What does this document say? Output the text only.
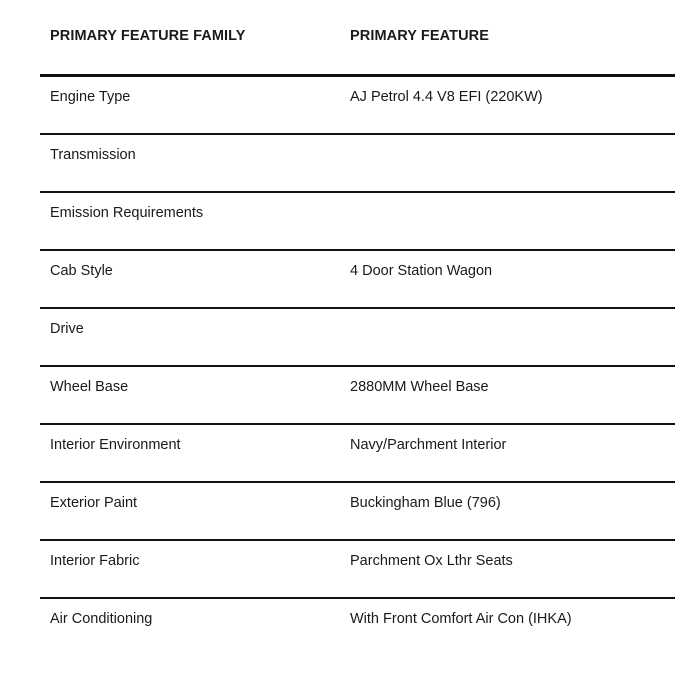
PRIMARY FEATURE FAMILY	PRIMARY FEATURE
Engine Type	AJ Petrol 4.4 V8 EFI (220KW)
Transmission
Emission Requirements
Cab Style	4 Door Station Wagon
Drive
Wheel Base	2880MM Wheel Base
Interior Environment	Navy/Parchment Interior
Exterior Paint	Buckingham Blue (796)
Interior Fabric	Parchment Ox Lthr Seats
Air Conditioning	With Front Comfort Air Con (IHKA)
